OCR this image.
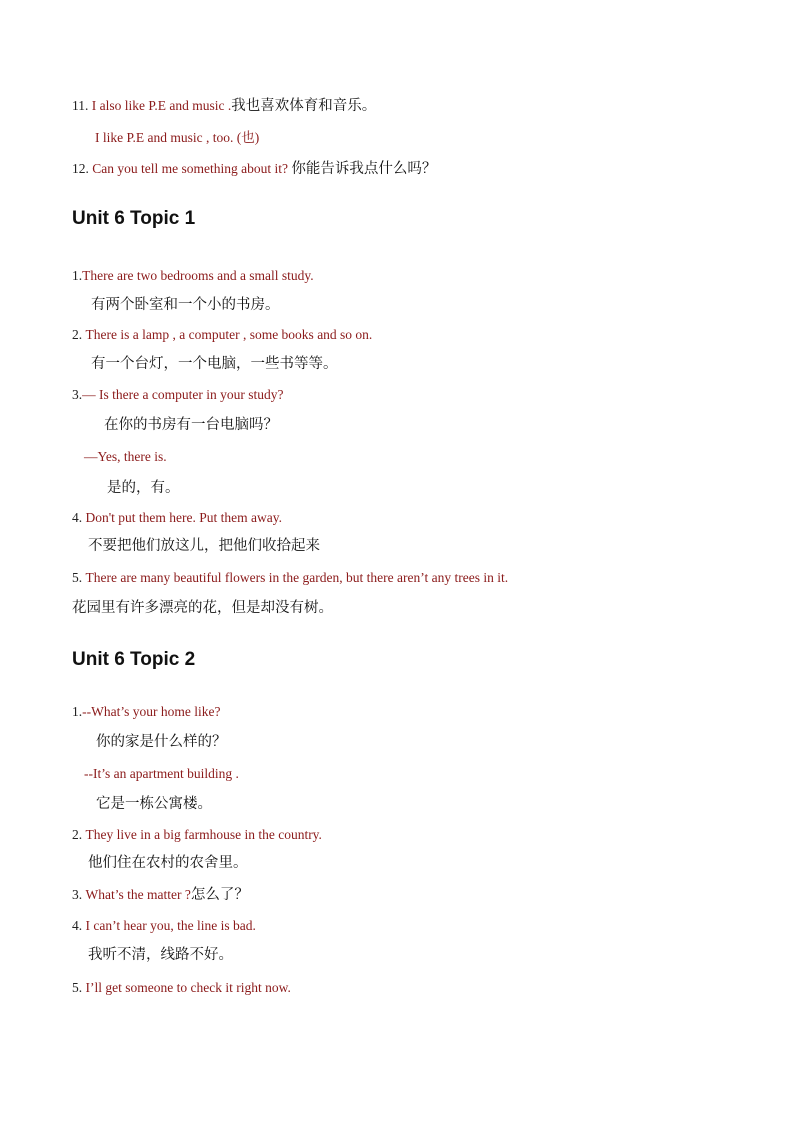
11. I also like P.E and music .我也喜欢体育和音乐。
I like P.E and music , too. (也)
12. Can you tell me something about it? 你能告诉我点什么吗？
Unit 6 Topic 1
1.There are two bedrooms and a small study.
有两个卧室和一个小的书房。
2. There is a lamp , a computer , some books and so on.
有一个台灯，一个电脑，一些书等等。
3.— Is there a computer in your study?
在你的书房有一台电脑吗？
—Yes, there is.
是的，有。
4. Don't put them here. Put them away.
不要把他们放这儿，把他们收拾起来
5. There are many beautiful flowers in the garden, but there aren’t any trees in it.
花园里有许多漂亮的花，但是却没有树。
Unit 6 Topic 2
1.--What’s your home like?
你的家是什么样的？
--It’s an apartment building .
它是一栋公寓楼。
2. They live in a big farmhouse in the country.
他们住在农村的农舍里。
3. What’s the matter ?怎么了？
4. I can’t hear you, the line is bad.
我听不清，线路不好。
5. I’ll get someone to check it right now.
